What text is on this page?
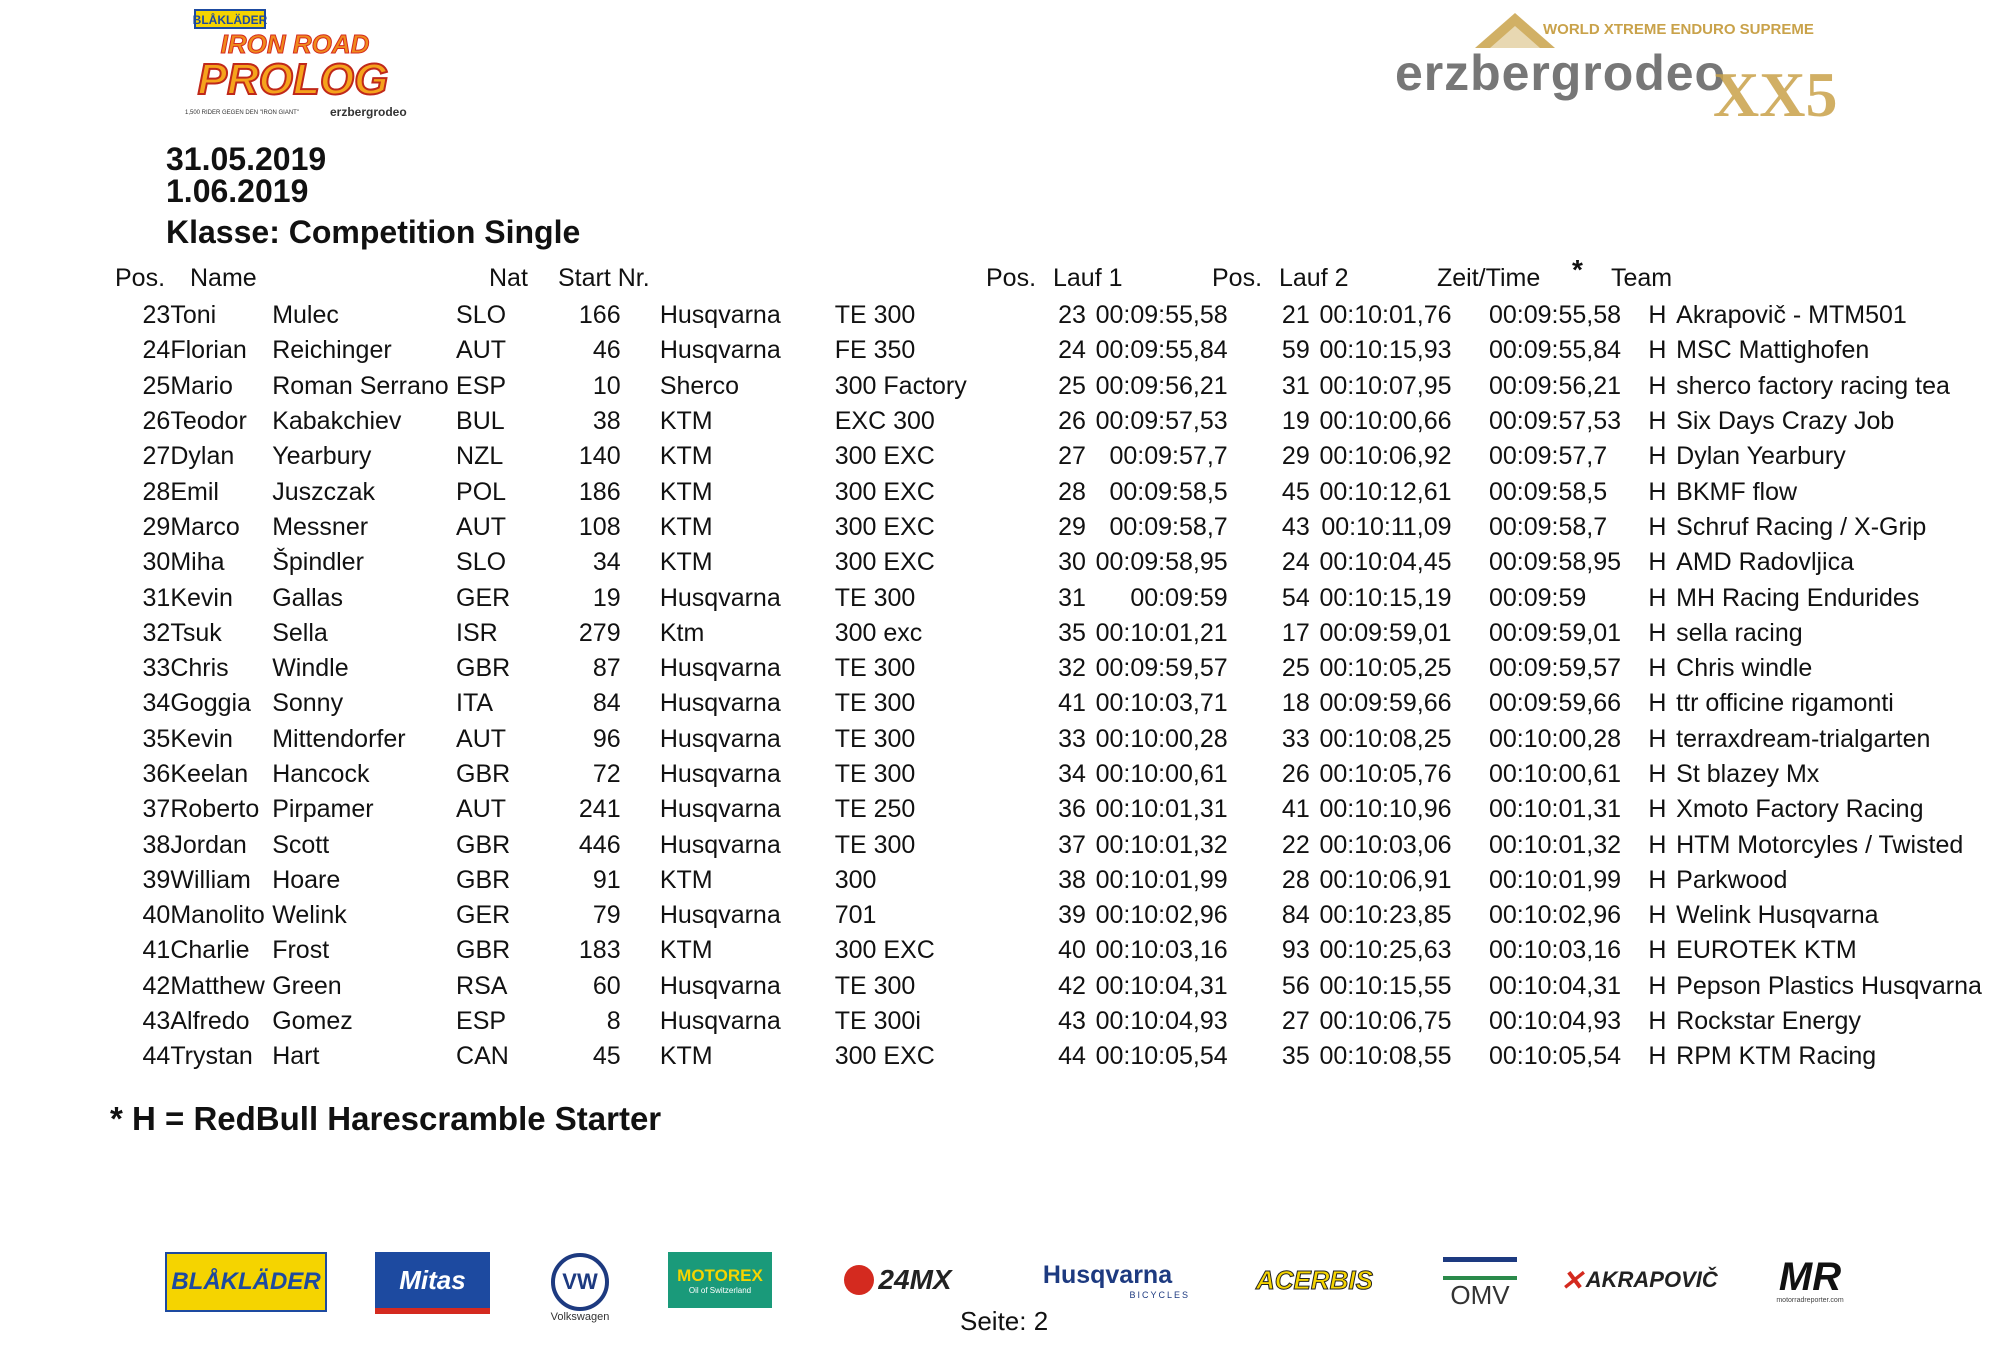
BLÅKLÄDER
IRON ROAD
PROLOG
1,500 RIDER GEGEN DEN "IRON GIANT"	erzbergrodeo
WORLD XTREME ENDURO SUPREME
erzbergrodeo
XX5
31.05.2019
1.06.2019
Klasse: Competition Single
Pos. Name	Nat Start Nr.	Pos. Lauf 1	Pos. Lauf 2	Zeit/Time * Team
23	Toni	Mulec	SLO	166		Husqvarna	TE 300	23	00:09:55,58	21	00:10:01,76		00:09:55,58	H	Akrapovič - MTM501
24	Florian	Reichinger	AUT	46		Husqvarna	FE 350	24	00:09:55,84	59	00:10:15,93		00:09:55,84	H	MSC Mattighofen
25	Mario	Roman Serrano	ESP	10		Sherco	300 Factory	25	00:09:56,21	31	00:10:07,95		00:09:56,21	H	sherco factory racing tea
26	Teodor	Kabakchiev	BUL	38		KTM	EXC 300	26	00:09:57,53	19	00:10:00,66		00:09:57,53	H	Six Days Crazy Job
27	Dylan	Yearbury	NZL	140		KTM	300 EXC	27	00:09:57,7	29	00:10:06,92		00:09:57,7	H	Dylan Yearbury
28	Emil	Juszczak	POL	186		KTM	300 EXC	28	00:09:58,5	45	00:10:12,61		00:09:58,5	H	BKMF flow
29	Marco	Messner	AUT	108		KTM	300 EXC	29	00:09:58,7	43	00:10:11,09		00:09:58,7	H	Schruf Racing / X-Grip
30	Miha	Špindler	SLO	34		KTM	300 EXC	30	00:09:58,95	24	00:10:04,45		00:09:58,95	H	AMD Radovljica
31	Kevin	Gallas	GER	19		Husqvarna	TE 300	31	00:09:59	54	00:10:15,19		00:09:59	H	MH Racing Endurides
32	Tsuk	Sella	ISR	279		Ktm	300 exc	35	00:10:01,21	17	00:09:59,01		00:09:59,01	H	sella racing
33	Chris	Windle	GBR	87		Husqvarna	TE 300	32	00:09:59,57	25	00:10:05,25		00:09:59,57	H	Chris windle
34	Goggia	Sonny	ITA	84		Husqvarna	TE 300	41	00:10:03,71	18	00:09:59,66		00:09:59,66	H	ttr officine rigamonti
35	Kevin	Mittendorfer	AUT	96		Husqvarna	TE 300	33	00:10:00,28	33	00:10:08,25		00:10:00,28	H	terraxdream-trialgarten
36	Keelan	Hancock	GBR	72		Husqvarna	TE 300	34	00:10:00,61	26	00:10:05,76		00:10:00,61	H	St blazey Mx
37	Roberto	Pirpamer	AUT	241		Husqvarna	TE 250	36	00:10:01,31	41	00:10:10,96		00:10:01,31	H	Xmoto Factory Racing
38	Jordan	Scott	GBR	446		Husqvarna	TE 300	37	00:10:01,32	22	00:10:03,06		00:10:01,32	H	HTM Motorcyles / Twisted
39	William	Hoare	GBR	91		KTM	300	38	00:10:01,99	28	00:10:06,91		00:10:01,99	H	Parkwood
40	Manolito	Welink	GER	79		Husqvarna	701	39	00:10:02,96	84	00:10:23,85		00:10:02,96	H	Welink Husqvarna
41	Charlie	Frost	GBR	183		KTM	300 EXC	40	00:10:03,16	93	00:10:25,63		00:10:03,16	H	EUROTEK KTM
42	Matthew	Green	RSA	60		Husqvarna	TE 300	42	00:10:04,31	56	00:10:15,55		00:10:04,31	H	Pepson Plastics Husqvarna
43	Alfredo	Gomez	ESP	8		Husqvarna	TE 300i	43	00:10:04,93	27	00:10:06,75		00:10:04,93	H	Rockstar Energy
44	Trystan	Hart	CAN	45		KTM	300 EXC	44	00:10:05,54	35	00:10:08,55		00:10:05,54	H	RPM KTM Racing
* H = RedBull Harescramble Starter
BLÅKLÄDER	Mitas	VW
Volkswagen
MOTOREX
Oil of Switzerland	24MX	Husqvarna
BICYCLES	ACERBIS
OMV ✕ AKRAPOVIČ MR
motorradreporter.com
Seite: 2
